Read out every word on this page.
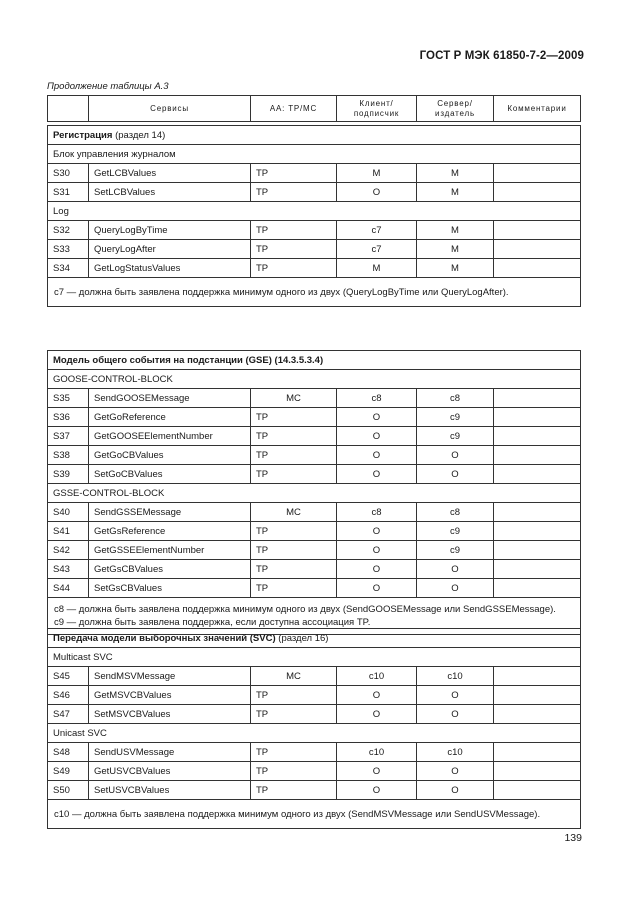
ГОСТ Р МЭК 61850-7-2—2009
Продолжение таблицы А.3
	Сервисы	АА: TP/MC	Клиент/ подписчик	Сервер/ издатель	Комментарии
Регистрация (раздел 14)					
Блок управления журналом					
S30	GetLCBValues	TP	M	M	
S31	SetLCBValues	TP	O	M	
Log					
S32	QueryLogByTime	TP	c7	M	
S33	QueryLogAfter	TP	c7	M	
S34	GetLogStatusValues	TP	M	M	

c7 — должна быть заявлена поддержка минимум одного из двух (QueryLogByTime или QueryLogAfter).					
Модель общего события на подстанции (GSE) (14.3.5.3.4)					
GOOSE-CONTROL-BLOCK					
S35	SendGOOSEMessage	MC	c8	c8	
S36	GetGoReference	TP	O	c9	
S37	GetGOOSEElementNumber	TP	O	c9	
S38	GetGoCBValues	TP	O	O	
S39	SetGoCBValues	TP	O	O	
GSSE-CONTROL-BLOCK					
S40	SendGSSEMessage	MC	c8	c8	
S41	GetGsReference	TP	O	c9	
S42	GetGSSEElementNumber	TP	O	c9	
S43	GetGsCBValues	TP	O	O	
S44	SetGsCBValues	TP	O	O	

c8 — должна быть заявлена поддержка минимум одного из двух (SendGOOSEMessage или SendGSSEMessage).
c9 — должна быть заявлена поддержка, если доступна ассоциация TP.					
Передача модели выборочных значений (SVC) (раздел 16)					
Multicast SVC					
S45	SendMSVMessage	MC	c10	c10	
S46	GetMSVCBValues	TP	O	O	
S47	SetMSVCBValues	TP	O	O	
Unicast SVC					
S48	SendUSVMessage	TP	c10	c10	
S49	GetUSVCBValues	TP	O	O	
S50	SetUSVCBValues	TP	O	O	

c10 — должна быть заявлена поддержка минимум одного из двух (SendMSVMessage или SendUSVMessage).					
139
